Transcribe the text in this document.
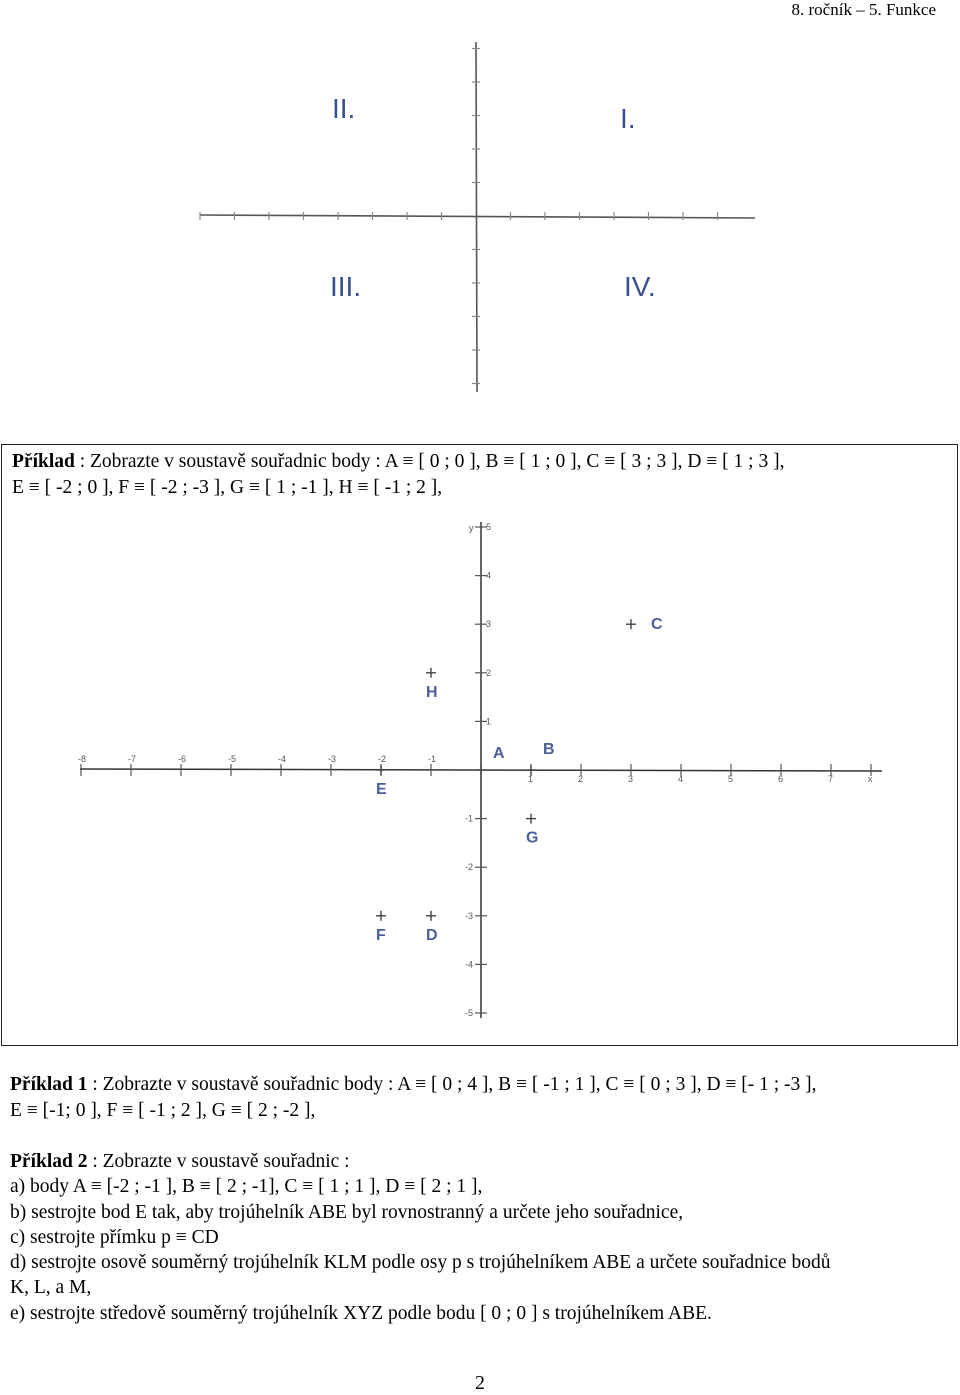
8. ročník – 5. Funkce
I.
II.
III.	IV.
Příklad : Zobrazte v soustavě souřadnic body : A ≡ [ 0 ; 0 ], B ≡ [ 1 ; 0 ], C ≡ [ 3 ; 3 ], D ≡ [ 1 ; 3 ],
E ≡ [ -2 ; 0 ], F ≡ [ -2 ; -3 ], G ≡ [ 1 ; -1 ], H ≡ [ -1 ; 2 ],
-8	-7	-6	-5	-4	-3	-2	-1
1	2	3	4	5	6	7	x
5
4
3
2
1
-1
-2
-3
-4
-5
y
A B
C
D
E
F
G
H
Příklad 1 : Zobrazte v soustavě souřadnic body : A ≡ [ 0 ; 4 ], B ≡ [ -1 ; 1 ], C ≡ [ 0 ; 3 ], D ≡ [- 1 ; -3 ],
E ≡ [-1; 0 ], F ≡ [ -1 ; 2 ], G ≡ [ 2 ; -2 ],
Příklad 2 : Zobrazte v soustavě souřadnic :
a) body A ≡ [-2 ; -1 ], B ≡ [ 2 ; -1], C ≡ [ 1 ; 1 ], D ≡ [ 2 ; 1 ],
b) sestrojte bod E tak, aby trojúhelník ABE byl rovnostranný a určete jeho souřadnice,
c) sestrojte přímku p ≡ CD
d) sestrojte osově souměrný trojúhelník KLM podle osy p s trojúhelníkem ABE a určete souřadnice bodů
K, L, a M,
e) sestrojte středově souměrný trojúhelník XYZ podle bodu [ 0 ; 0 ] s trojúhelníkem ABE.
2
